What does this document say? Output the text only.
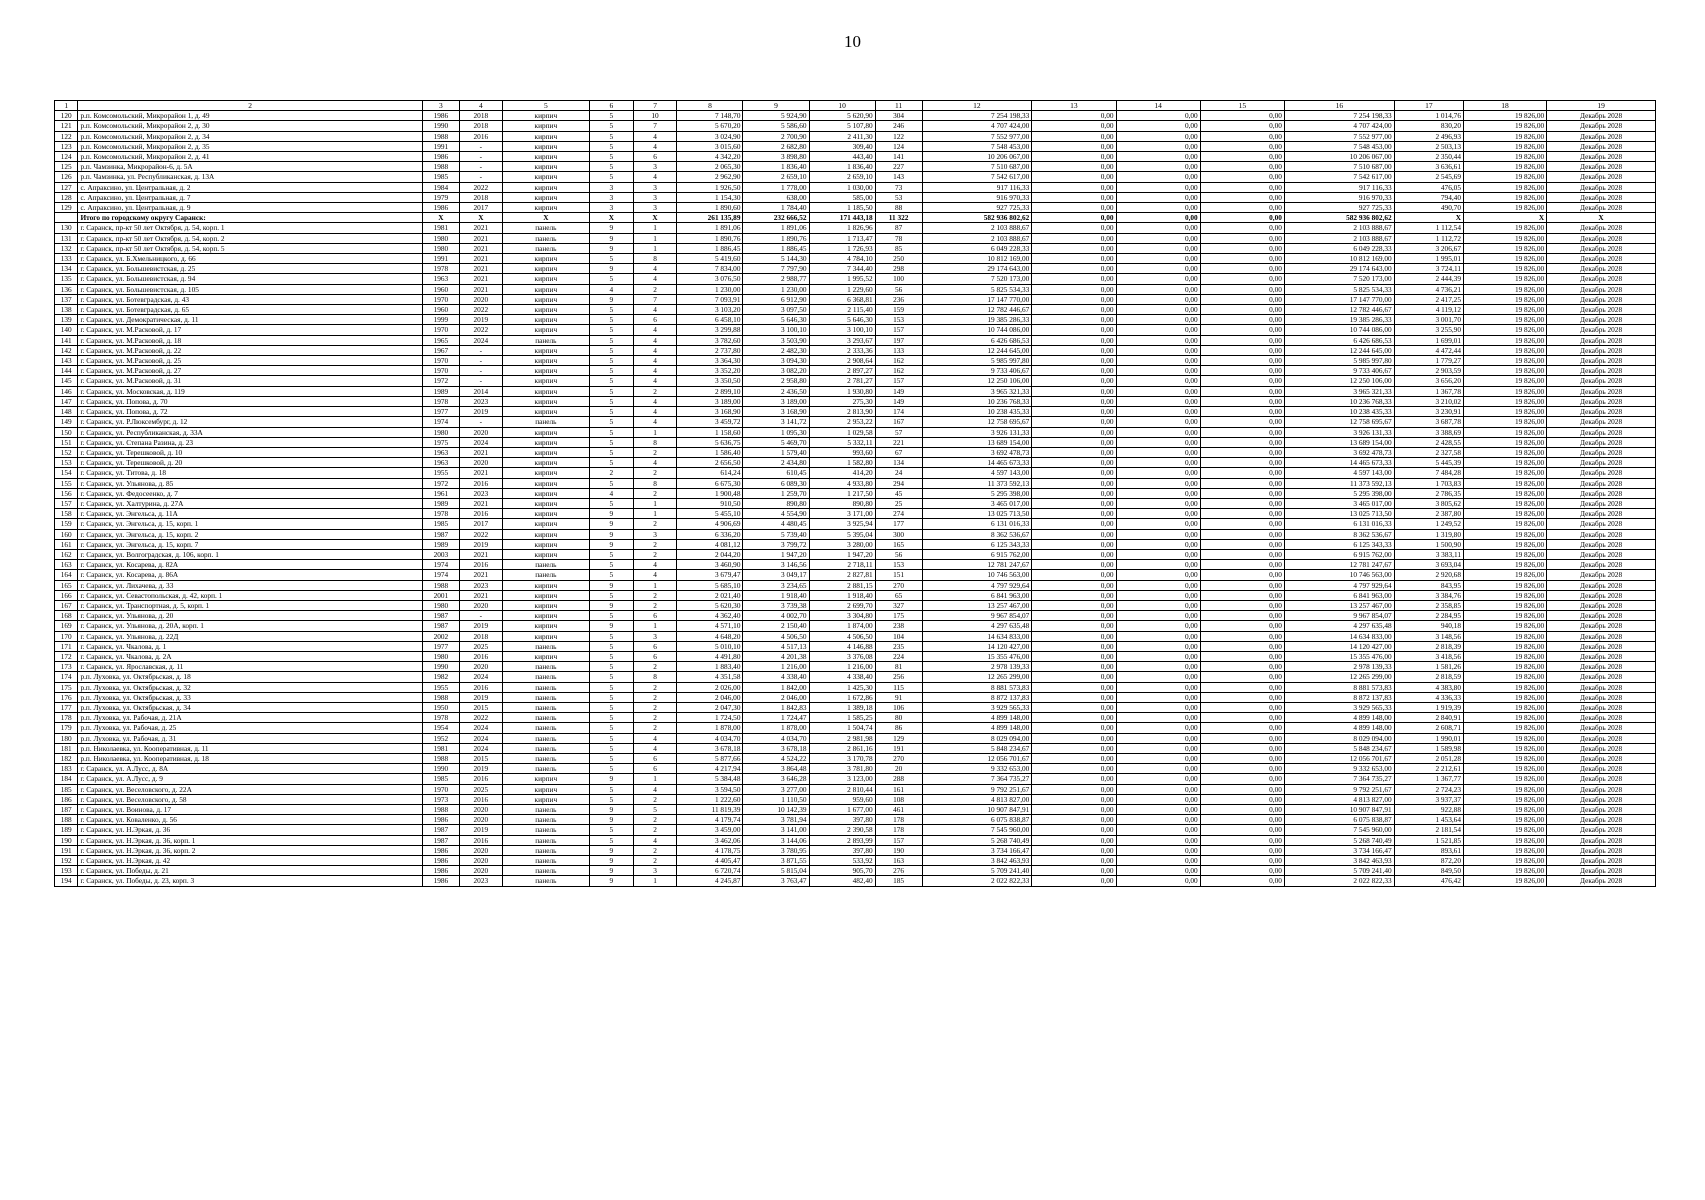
10
1	2	3	4	5	6	7	8	9	10	11	12	13	14	15	16	17	18	19
120	р.п. Комсомольский, Микрорайон 1, д. 49	1986	2018	кирпич	5	10	7 148,70	5 924,90	5 620,90	304	7 254 198,33	0,00	0,00	0,00	7 254 198,33	1 014,76	19 826,00	Декабрь 2028
121	р.п. Комсомольский, Микрорайон 2, д. 30	1990	2018	кирпич	5	7	5 670,20	5 586,60	5 107,80	246	4 707 424,00	0,00	0,00	0,00	4 707 424,00	830,20	19 826,00	Декабрь 2028
122	р.п. Комсомольский, Микрорайон 2, д. 34	1988	2016	кирпич	5	4	3 024,90	2 700,90	2 411,30	122	7 552 977,00	0,00	0,00	0,00	7 552 977,00	2 496,93	19 826,00	Декабрь 2028
123	р.п. Комсомольский, Микрорайон 2, д. 35	1991	-	кирпич	5	4	3 015,60	2 682,80	309,40	124	7 548 453,00	0,00	0,00	0,00	7 548 453,00	2 503,13	19 826,00	Декабрь 2028
124	р.п. Комсомольский, Микрорайон 2, д. 41	1986	-	кирпич	5	6	4 342,20	3 898,80	443,40	141	10 206 067,00	0,00	0,00	0,00	10 206 067,00	2 350,44	19 826,00	Декабрь 2028
125	р.п. Чамзинка, Микрорайон-6, д. 5А	1988	-	кирпич	5	3	2 065,30	1 836,40	1 836,40	227	7 510 687,00	0,00	0,00	0,00	7 510 687,00	3 636,61	19 826,00	Декабрь 2028
126	р.п. Чамзинка, ул. Республиканская, д. 13А	1985	-	кирпич	5	4	2 962,90	2 659,10	2 659,10	143	7 542 617,00	0,00	0,00	0,00	7 542 617,00	2 545,69	19 826,00	Декабрь 2028
127	с. Апраксино, ул. Центральная, д. 2	1984	2022	кирпич	3	3	1 926,50	1 778,00	1 030,00	73	917 116,33	0,00	0,00	0,00	917 116,33	476,05	19 826,00	Декабрь 2028
128	с. Апраксино, ул. Центральная, д. 7	1979	2018	кирпич	3	3	1 154,30	638,00	585,00	53	916 970,33	0,00	0,00	0,00	916 970,33	794,40	19 826,00	Декабрь 2028
129	с. Апраксино, ул. Центральная, д. 9	1986	2017	кирпич	3	3	1 890,60	1 784,40	1 185,50	88	927 725,33	0,00	0,00	0,00	927 725,33	490,70	19 826,00	Декабрь 2028
	Итого по городскому округу Саранск:	X	X	X	X	X	261 135,89	232 666,52	171 443,18	11 322	582 936 802,62	0,00	0,00	0,00	582 936 802,62	X	X	X
130	г. Саранск, пр-кт 50 лет Октября, д. 54, корп. 1	1981	2021	панель	9	1	1 891,06	1 891,06	1 826,96	87	2 103 888,67	0,00	0,00	0,00	2 103 888,67	1 112,54	19 826,00	Декабрь 2028
131	г. Саранск, пр-кт 50 лет Октября, д. 54, корп. 2	1980	2021	панель	9	1	1 890,76	1 890,76	1 713,47	78	2 103 888,67	0,00	0,00	0,00	2 103 888,67	1 112,72	19 826,00	Декабрь 2028
132	г. Саранск, пр-кт 50 лет Октября, д. 54, корп. 5	1980	2021	панель	9	1	1 886,45	1 886,45	1 726,93	85	6 049 228,33	0,00	0,00	0,00	6 049 228,33	3 206,67	19 826,00	Декабрь 2028
133	г. Саранск, ул. Б.Хмельницкого, д. 66	1991	2021	кирпич	5	8	5 419,60	5 144,30	4 784,10	250	10 812 169,00	0,00	0,00	0,00	10 812 169,00	1 995,01	19 826,00	Декабрь 2028
134	г. Саранск, ул. Большевистская, д. 25	1978	2021	кирпич	9	4	7 834,00	7 797,90	7 344,40	298	29 174 643,00	0,00	0,00	0,00	29 174 643,00	3 724,11	19 826,00	Декабрь 2028
135	г. Саранск, ул. Большевистская, д. 94	1963	2021	кирпич	5	4	3 076,50	2 988,77	1 995,52	100	7 520 173,00	0,00	0,00	0,00	7 520 173,00	2 444,39	19 826,00	Декабрь 2028
136	г. Саранск, ул. Большевистская, д. 105	1960	2021	кирпич	4	2	1 230,00	1 230,00	1 229,60	56	5 825 534,33	0,00	0,00	0,00	5 825 534,33	4 736,21	19 826,00	Декабрь 2028
137	г. Саранск, ул. Ботевградская, д. 43	1970	2020	кирпич	9	7	7 093,91	6 912,90	6 368,81	236	17 147 770,00	0,00	0,00	0,00	17 147 770,00	2 417,25	19 826,00	Декабрь 2028
138	г. Саранск, ул. Ботевградская, д. 65	1960	2022	кирпич	5	4	3 103,20	3 097,50	2 115,40	159	12 782 446,67	0,00	0,00	0,00	12 782 446,67	4 119,12	19 826,00	Декабрь 2028
139	г. Саранск, ул. Демократическая, д. 11	1999	2019	кирпич	5	6	6 458,10	5 646,30	5 646,30	153	19 385 286,33	0,00	0,00	0,00	19 385 286,33	3 001,70	19 826,00	Декабрь 2028
140	г. Саранск, ул. М.Расковой, д. 17	1970	2022	кирпич	5	4	3 299,88	3 100,10	3 100,10	157	10 744 086,00	0,00	0,00	0,00	10 744 086,00	3 255,90	19 826,00	Декабрь 2028
141	г. Саранск, ул. М.Расковой, д. 18	1965	2024	панель	5	4	3 782,60	3 503,90	3 293,67	197	6 426 686,53	0,00	0,00	0,00	6 426 686,53	1 699,01	19 826,00	Декабрь 2028
142	г. Саранск, ул. М.Расковой, д. 22	1967	-	кирпич	5	4	2 737,80	2 482,30	2 333,36	133	12 244 645,00	0,00	0,00	0,00	12 244 645,00	4 472,44	19 826,00	Декабрь 2028
143	г. Саранск, ул. М.Расковой, д. 25	1970	-	кирпич	5	4	3 364,30	3 094,30	2 908,64	162	5 985 997,80	0,00	0,00	0,00	5 985 997,80	1 779,27	19 826,00	Декабрь 2028
144	г. Саранск, ул. М.Расковой, д. 27	1970	-	кирпич	5	4	3 352,20	3 082,20	2 897,27	162	9 733 406,67	0,00	0,00	0,00	9 733 406,67	2 903,59	19 826,00	Декабрь 2028
145	г. Саранск, ул. М.Расковой, д. 31	1972	-	кирпич	5	4	3 350,50	2 958,80	2 781,27	157	12 250 106,00	0,00	0,00	0,00	12 250 106,00	3 656,20	19 826,00	Декабрь 2028
146	г. Саранск, ул. Московская, д. 119	1989	2014	кирпич	5	2	2 899,10	2 436,50	1 930,80	149	3 965 321,33	0,00	0,00	0,00	3 965 321,33	1 367,78	19 826,00	Декабрь 2028
147	г. Саранск, ул. Попова, д. 70	1978	2023	кирпич	5	4	3 189,00	3 189,00	275,30	149	10 236 768,33	0,00	0,00	0,00	10 236 768,33	3 210,02	19 826,00	Декабрь 2028
148	г. Саранск, ул. Попова, д. 72	1977	2019	кирпич	5	4	3 168,90	3 168,90	2 813,90	174	10 238 435,33	0,00	0,00	0,00	10 238 435,33	3 230,91	19 826,00	Декабрь 2028
149	г. Саранск, ул. Р.Люксембург, д. 12	1974	-	панель	5	4	3 459,72	3 141,72	2 953,22	167	12 758 695,67	0,00	0,00	0,00	12 758 695,67	3 687,78	19 826,00	Декабрь 2028
150	г. Саранск, ул. Республиканская, д. 33А	1980	2020	кирпич	5	1	1 158,60	1 095,30	1 029,58	57	3 926 131,33	0,00	0,00	0,00	3 926 131,33	3 388,69	19 826,00	Декабрь 2028
151	г. Саранск, ул. Степана Разина, д. 23	1975	2024	кирпич	5	8	5 636,75	5 469,70	5 332,11	221	13 689 154,00	0,00	0,00	0,00	13 689 154,00	2 428,55	19 826,00	Декабрь 2028
152	г. Саранск, ул. Терешковой, д. 10	1963	2021	кирпич	5	2	1 586,40	1 579,40	993,60	67	3 692 478,73	0,00	0,00	0,00	3 692 478,73	2 327,58	19 826,00	Декабрь 2028
153	г. Саранск, ул. Терешковой, д. 20	1963	2020	кирпич	5	4	2 656,50	2 434,80	1 582,80	134	14 465 673,33	0,00	0,00	0,00	14 465 673,33	5 445,39	19 826,00	Декабрь 2028
154	г. Саранск, ул. Титова, д. 18	1955	2021	кирпич	2	2	614,24	610,45	414,20	24	4 597 143,00	0,00	0,00	0,00	4 597 143,00	7 484,28	19 826,00	Декабрь 2028
155	г. Саранск, ул. Ульянова, д. 85	1972	2016	кирпич	5	8	6 675,30	6 089,30	4 933,80	294	11 373 592,13	0,00	0,00	0,00	11 373 592,13	1 703,83	19 826,00	Декабрь 2028
156	г. Саранск, ул. Федосеенко, д. 7	1961	2023	кирпич	4	2	1 900,48	1 259,70	1 217,50	45	5 295 398,00	0,00	0,00	0,00	5 295 398,00	2 786,35	19 826,00	Декабрь 2028
157	г. Саранск, ул. Халтурина, д. 27А	1989	2021	кирпич	5	1	910,50	890,80	890,80	25	3 465 017,00	0,00	0,00	0,00	3 465 017,00	3 805,62	19 826,00	Декабрь 2028
158	г. Саранск, ул. Энгельса, д. 11А	1978	2016	кирпич	9	1	5 455,10	4 554,90	3 171,00	274	13 025 713,50	0,00	0,00	0,00	13 025 713,50	2 387,80	19 826,00	Декабрь 2028
159	г. Саранск, ул. Энгельса, д. 15, корп. 1	1985	2017	кирпич	9	2	4 906,69	4 480,45	3 925,94	177	6 131 016,33	0,00	0,00	0,00	6 131 016,33	1 249,52	19 826,00	Декабрь 2028
160	г. Саранск, ул. Энгельса, д. 15, корп. 2	1987	2022	кирпич	9	3	6 336,20	5 739,40	5 395,04	300	8 362 536,67	0,00	0,00	0,00	8 362 536,67	1 319,80	19 826,00	Декабрь 2028
161	г. Саранск, ул. Энгельса, д. 15, корп. 7	1989	2019	кирпич	9	2	4 081,12	3 799,72	3 280,00	165	6 125 343,33	0,00	0,00	0,00	6 125 343,33	1 500,90	19 826,00	Декабрь 2028
162	г. Саранск, ул. Волгоградская, д. 106, корп. 1	2003	2021	кирпич	5	2	2 044,20	1 947,20	1 947,20	56	6 915 762,00	0,00	0,00	0,00	6 915 762,00	3 383,11	19 826,00	Декабрь 2028
163	г. Саранск, ул. Косарева, д. 82А	1974	2016	панель	5	4	3 460,90	3 146,56	2 718,11	153	12 781 247,67	0,00	0,00	0,00	12 781 247,67	3 693,04	19 826,00	Декабрь 2028
164	г. Саранск, ул. Косарева, д. 86А	1974	2021	панель	5	4	3 679,47	3 049,17	2 827,81	151	10 746 563,00	0,00	0,00	0,00	10 746 563,00	2 920,68	19 826,00	Декабрь 2028
165	г. Саранск, ул. Лихачева, д. 33	1988	2023	кирпич	9	1	5 685,10	3 234,65	2 881,15	270	4 797 929,64	0,00	0,00	0,00	4 797 929,64	843,95	19 826,00	Декабрь 2028
166	г. Саранск, ул. Севастопольская, д. 42, корп. 1	2001	2021	кирпич	5	2	2 021,40	1 918,40	1 918,40	65	6 841 963,00	0,00	0,00	0,00	6 841 963,00	3 384,76	19 826,00	Декабрь 2028
167	г. Саранск, ул. Транспортная, д. 5, корп. 1	1980	2020	кирпич	9	2	5 620,30	3 739,38	2 699,70	327	13 257 467,00	0,00	0,00	0,00	13 257 467,00	2 358,85	19 826,00	Декабрь 2028
168	г. Саранск, ул. Ульянова, д. 20	1987	-	кирпич	5	6	4 362,40	4 002,70	3 304,80	175	9 967 854,07	0,00	0,00	0,00	9 967 854,07	2 284,95	19 826,00	Декабрь 2028
169	г. Саранск, ул. Ульянова, д. 20А, корп. 1	1987	2019	кирпич	9	1	4 571,10	2 150,40	1 874,00	238	4 297 635,48	0,00	0,00	0,00	4 297 635,48	940,18	19 826,00	Декабрь 2028
170	г. Саранск, ул. Ульянова, д. 22Д	2002	2018	кирпич	5	3	4 648,20	4 506,50	4 506,50	104	14 634 833,00	0,00	0,00	0,00	14 634 833,00	3 148,56	19 826,00	Декабрь 2028
171	г. Саранск, ул. Чкалова, д. 1	1977	2025	панель	5	6	5 010,10	4 517,13	4 146,88	235	14 120 427,00	0,00	0,00	0,00	14 120 427,00	2 818,39	19 826,00	Декабрь 2028
172	г. Саранск, ул. Чкалова, д. 2А	1980	2016	кирпич	5	6	4 491,80	4 201,38	3 376,08	224	15 355 476,00	0,00	0,00	0,00	15 355 476,00	3 418,56	19 826,00	Декабрь 2028
173	г. Саранск, ул. Ярославская, д. 11	1990	2020	панель	5	2	1 883,40	1 216,00	1 216,00	81	2 978 139,33	0,00	0,00	0,00	2 978 139,33	1 581,26	19 826,00	Декабрь 2028
174	р.п. Луховка, ул. Октябрьская, д. 18	1982	2024	панель	5	8	4 351,58	4 338,40	4 338,40	256	12 265 299,00	0,00	0,00	0,00	12 265 299,00	2 818,59	19 826,00	Декабрь 2028
175	р.п. Луховка, ул. Октябрьская, д. 32	1955	2016	панель	5	2	2 026,00	1 842,00	1 425,30	115	8 881 573,83	0,00	0,00	0,00	8 881 573,83	4 383,80	19 826,00	Декабрь 2028
176	р.п. Луховка, ул. Октябрьская, д. 33	1988	2019	панель	5	2	2 046,00	2 046,00	1 672,86	91	8 872 137,83	0,00	0,00	0,00	8 872 137,83	4 336,33	19 826,00	Декабрь 2028
177	р.п. Луховка, ул. Октябрьская, д. 34	1950	2015	панель	5	2	2 047,30	1 842,83	1 389,18	106	3 929 565,33	0,00	0,00	0,00	3 929 565,33	1 919,39	19 826,00	Декабрь 2028
178	р.п. Луховка, ул. Рабочая, д. 21А	1978	2022	панель	5	2	1 724,50	1 724,47	1 585,25	80	4 899 148,00	0,00	0,00	0,00	4 899 148,00	2 840,91	19 826,00	Декабрь 2028
179	р.п. Луховка, ул. Рабочая, д. 25	1954	2024	панель	5	2	1 878,00	1 878,00	1 504,74	86	4 899 148,00	0,00	0,00	0,00	4 899 148,00	2 608,71	19 826,00	Декабрь 2028
180	р.п. Луховка, ул. Рабочая, д. 31	1952	2024	панель	5	4	4 034,70	4 034,70	2 981,98	129	8 029 094,00	0,00	0,00	0,00	8 029 094,00	1 990,01	19 826,00	Декабрь 2028
181	р.п. Николаевка, ул. Кооперативная, д. 11	1981	2024	панель	5	4	3 678,18	3 678,18	2 861,16	191	5 848 234,67	0,00	0,00	0,00	5 848 234,67	1 589,98	19 826,00	Декабрь 2028
182	р.п. Николаевка, ул. Кооперативная, д. 18	1988	2015	панель	5	6	5 877,66	4 524,22	3 170,78	270	12 056 701,67	0,00	0,00	0,00	12 056 701,67	2 051,28	19 826,00	Декабрь 2028
183	г. Саранск, ул. А.Лусс, д. 8А	1990	2019	панель	5	6	4 217,94	3 864,48	3 781,80	20	9 332 653,00	0,00	0,00	0,00	9 332 653,00	2 212,61	19 826,00	Декабрь 2028
184	г. Саранск, ул. А.Лусс, д. 9	1985	2016	кирпич	9	1	5 384,48	3 646,28	3 123,00	288	7 364 735,27	0,00	0,00	0,00	7 364 735,27	1 367,77	19 826,00	Декабрь 2028
185	г. Саранск, ул. Веселовского, д. 22А	1970	2025	кирпич	5	4	3 594,50	3 277,00	2 810,44	161	9 792 251,67	0,00	0,00	0,00	9 792 251,67	2 724,23	19 826,00	Декабрь 2028
186	г. Саранск, ул. Веселовского, д. 58	1973	2016	кирпич	5	2	1 222,60	1 110,50	959,60	108	4 813 827,00	0,00	0,00	0,00	4 813 827,00	3 937,37	19 826,00	Декабрь 2028
187	г. Саранск, ул. Воинова, д. 17	1988	2020	панель	9	5	11 819,39	10 142,39	1 677,00	461	10 907 847,91	0,00	0,00	0,00	10 907 847,91	922,88	19 826,00	Декабрь 2028
188	г. Саранск, ул. Коваленко, д. 56	1986	2020	панель	9	2	4 179,74	3 781,94	397,80	178	6 075 838,87	0,00	0,00	0,00	6 075 838,87	1 453,64	19 826,00	Декабрь 2028
189	г. Саранск, ул. Н.Эркая, д. 36	1987	2019	панель	5	2	3 459,00	3 141,00	2 390,58	178	7 545 960,00	0,00	0,00	0,00	7 545 960,00	2 181,54	19 826,00	Декабрь 2028
190	г. Саранск, ул. Н.Эркая, д. 36, корп. 1	1987	2016	панель	5	4	3 462,06	3 144,06	2 893,99	157	5 268 740,49	0,00	0,00	0,00	5 268 740,49	1 521,85	19 826,00	Декабрь 2028
191	г. Саранск, ул. Н.Эркая, д. 36, корп. 2	1986	2020	панель	9	2	4 178,75	3 780,95	397,80	190	3 734 166,47	0,00	0,00	0,00	3 734 166,47	893,61	19 826,00	Декабрь 2028
192	г. Саранск, ул. Н.Эркая, д. 42	1986	2020	панель	9	2	4 405,47	3 871,55	533,92	163	3 842 463,93	0,00	0,00	0,00	3 842 463,93	872,20	19 826,00	Декабрь 2028
193	г. Саранск, ул. Победы, д. 21	1986	2020	панель	9	3	6 720,74	5 815,04	905,70	276	5 709 241,40	0,00	0,00	0,00	5 709 241,40	849,50	19 826,00	Декабрь 2028
194	г. Саранск, ул. Победы, д. 23, корп. 3	1986	2023	панель	9	1	4 245,87	3 763,47	482,40	185	2 022 822,33	0,00	0,00	0,00	2 022 822,33	476,42	19 826,00	Декабрь 2028
